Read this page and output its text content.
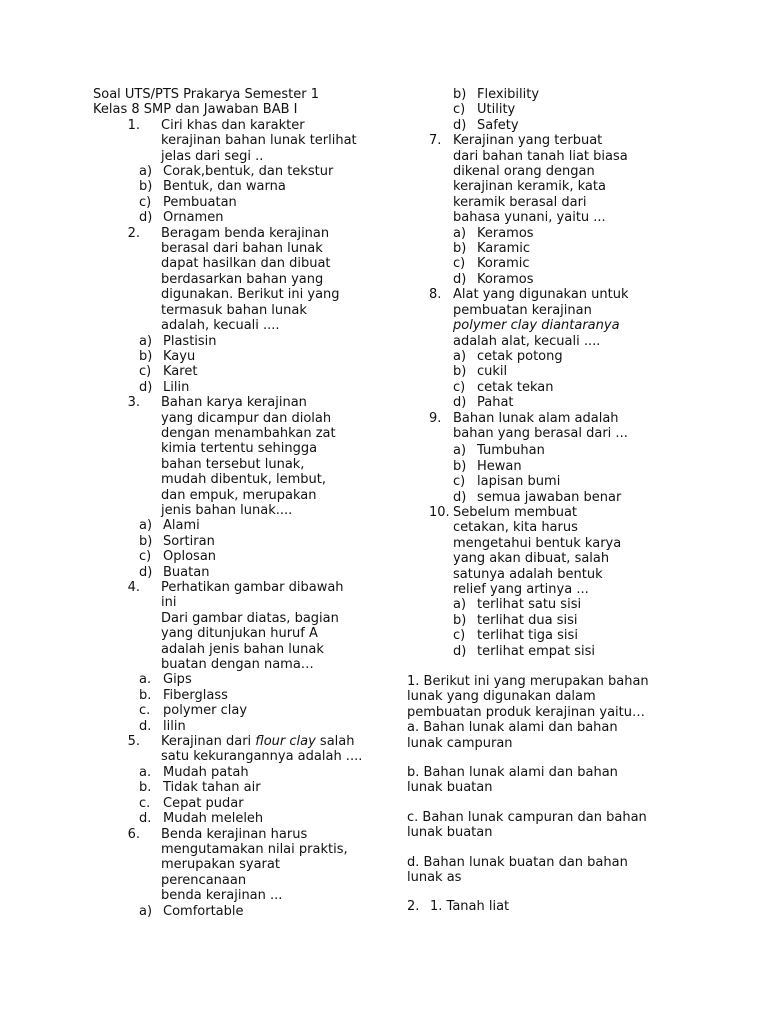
Soal UTS/PTS Prakarya Semester 1
Kelas 8 SMP dan Jawaban BAB I
1. Ciri khas dan karakter
kerajinan bahan lunak terlihat
jelas dari segi ..
a) Corak,bentuk, dan tekstur
b) Bentuk, dan warna
c) Pembuatan
d) Ornamen
2. Beragam benda kerajinan
berasal dari bahan lunak
dapat hasilkan dan dibuat
berdasarkan bahan yang
digunakan. Berikut ini yang
termasuk bahan lunak
adalah, kecuali ....
a) Plastisin
b) Kayu
c) Karet
d) Lilin
3. Bahan karya kerajinan
yang dicampur dan diolah
dengan menambahkan zat
kimia tertentu sehingga
bahan tersebut lunak,
mudah dibentuk, lembut,
dan empuk, merupakan
jenis bahan lunak....
a) Alami
b) Sortiran
c) Oplosan
d) Buatan
4. Perhatikan gambar dibawah
ini
Dari gambar diatas, bagian
yang ditunjukan huruf A
adalah jenis bahan lunak
buatan dengan nama…
a. Gips
b. Fiberglass
c. polymer clay
d. lilin
5. Kerajinan dari flour clay salah
satu kekurangannya adalah ....
a. Mudah patah
b. Tidak tahan air
c. Cepat pudar
d. Mudah meleleh
6. Benda kerajinan harus
mengutamakan nilai praktis,
merupakan syarat
perencanaan
benda kerajinan ...
a) Comfortable
b) Flexibility
c) Utility
d) Safety
7. Kerajinan yang terbuat
dari bahan tanah liat biasa
dikenal orang dengan
kerajinan keramik, kata
keramik berasal dari
bahasa yunani, yaitu ...
a) Keramos
b) Karamic
c) Koramic
d) Koramos
8. Alat yang digunakan untuk
pembuatan kerajinan
polymer clay diantaranya
adalah alat, kecuali ....
a) cetak potong
b) cukil
c) cetak tekan
d) Pahat
9. Bahan lunak alam adalah
bahan yang berasal dari ...
a) Tumbuhan
b) Hewan
c) lapisan bumi
d) semua jawaban benar
10. Sebelum membuat
cetakan, kita harus
mengetahui bentuk karya
yang akan dibuat, salah
satunya adalah bentuk
relief yang artinya ...
a) terlihat satu sisi
b) terlihat dua sisi
c) terlihat tiga sisi
d) terlihat empat sisi
1. Berikut ini yang merupakan bahan
lunak yang digunakan dalam
pembuatan produk kerajinan yaitu…
a. Bahan lunak alami dan bahan
lunak campuran
b. Bahan lunak alami dan bahan
lunak buatan
c. Bahan lunak campuran dan bahan
lunak buatan
d. Bahan lunak buatan dan bahan
lunak as
2. 1. Tanah liat
